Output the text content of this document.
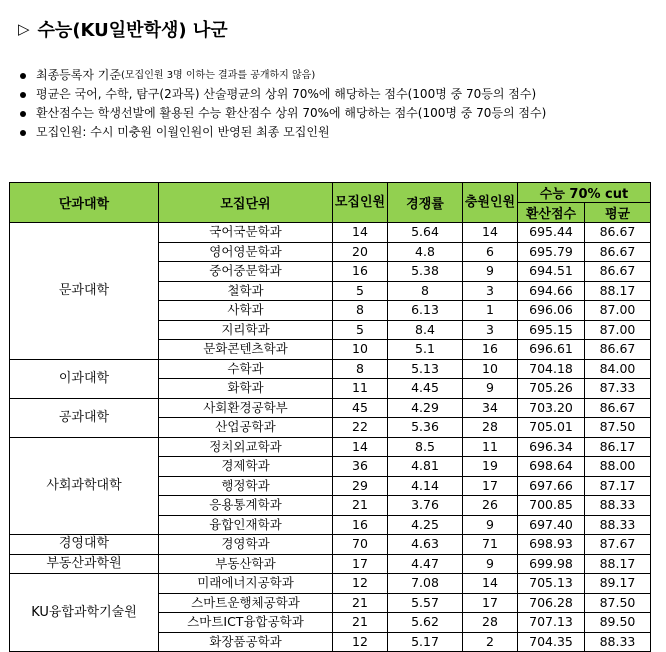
▷ 수능(KU일반학생) 나군
최종등록자 기준 (모집인원 3명 이하는 결과를 공개하지 않음)
평균은 국어, 수학, 탐구(2과목) 산술평균의 상위 70%에 해당하는 점수(100명 중 70등의 점수)
환산점수는 학생선발에 활용된 수능 환산점수 상위 70%에 해당하는 점수(100명 중 70등의 점수)
모집인원: 수시 미충원 이월인원이 반영된 최종 모집인원
단과대학	모집단위	모집인원	경쟁률	충원인원	수능 70% cut	
					환산점수	평균
문과대학	국어국문학과	14	5.64	14	695.44	86.67
	영어영문학과	20	4.8	6	695.79	86.67
	중어중문학과	16	5.38	9	694.51	86.67
	철학과	5	8	3	694.66	88.17
	사학과	8	6.13	1	696.06	87.00
	지리학과	5	8.4	3	695.15	87.00
	문화콘텐츠학과	10	5.1	16	696.61	86.67
이과대학	수학과	8	5.13	10	704.18	84.00
	화학과	11	4.45	9	705.26	87.33
공과대학	사회환경공학부	45	4.29	34	703.20	86.67
	산업공학과	22	5.36	28	705.01	87.50
사회과학대학	정치외교학과	14	8.5	11	696.34	86.17
	경제학과	36	4.81	19	698.64	88.00
	행정학과	29	4.14	17	697.66	87.17
	응용통계학과	21	3.76	26	700.85	88.33
	융합인재학과	16	4.25	9	697.40	88.33
경영대학	경영학과	70	4.63	71	698.93	87.67
부동산과학원	부동산학과	17	4.47	9	699.98	88.17
KU융합과학기술원	미래에너지공학과	12	7.08	14	705.13	89.17
	스마트운행체공학과	21	5.57	17	706.28	87.50
	스마트ICT융합공학과	21	5.62	28	707.13	89.50
	화장품공학과	12	5.17	2	704.35	88.33
